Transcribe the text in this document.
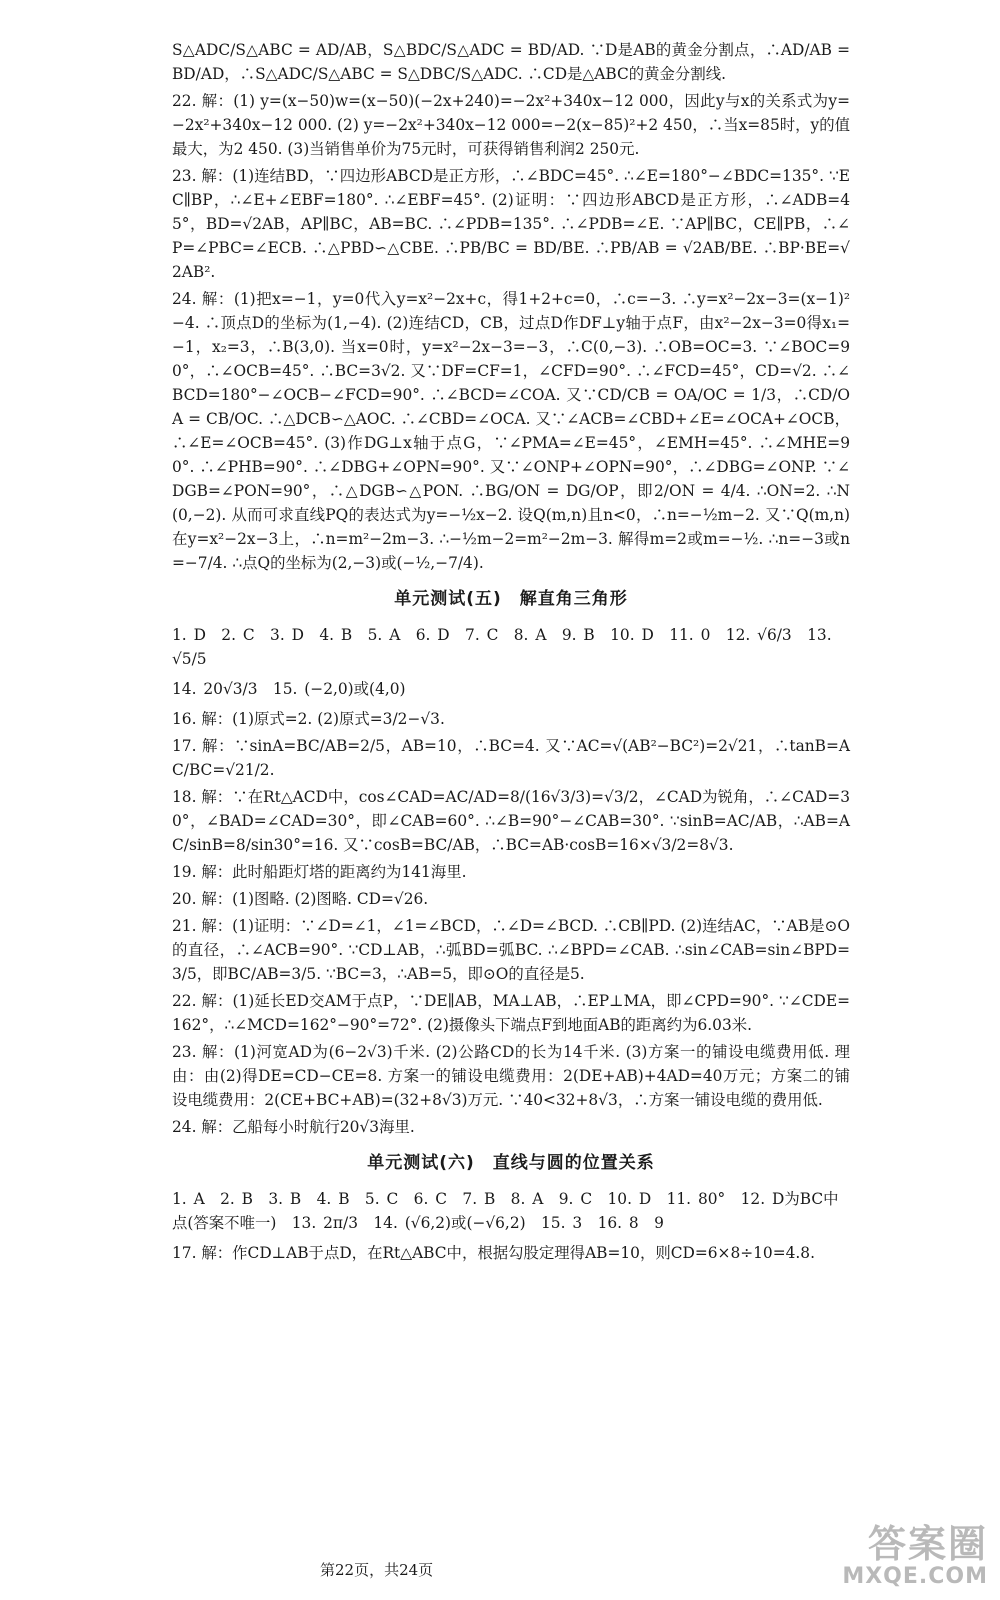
S△ADC/S△ABC = AD/AB，S△BDC/S△ADC = BD/AD. ∵D是AB的黄金分割点，∴AD/AB = BD/AD，∴S△ADC/S△ABC = S△DBC/S△ADC. ∴CD是△ABC的黄金分割线.

22. 解：(1) y=(x−50)w=(x−50)(−2x+240)=−2x²+340x−12 000，因此y与x的关系式为y=−2x²+340x−12 000. (2) y=−2x²+340x−12 000=−2(x−85)²+2 450，∴当x=85时，y的值最大，为2 450. (3)当销售单价为75元时，可获得销售利润2 250元.

23. 解：(1)连结BD，∵四边形ABCD是正方形，∴∠BDC=45°. ∴∠E=180°−∠BDC=135°. ∵EC∥BP，∴∠E+∠EBF=180°. ∴∠EBF=45°. (2)证明：∵四边形ABCD是正方形，∴∠ADB=45°，BD=√2AB，AP∥BC，AB=BC. ∴∠PDB=135°. ∴∠PDB=∠E. ∵AP∥BC，CE∥PB，∴∠P=∠PBC=∠ECB. ∴△PBD∽△CBE. ∴PB/BC = BD/BE. ∴PB/AB = √2AB/BE. ∴BP·BE=√2AB².

24. 解：(1)把x=−1，y=0代入y=x²−2x+c，得1+2+c=0，∴c=−3. ∴y=x²−2x−3=(x−1)²−4. ∴顶点D的坐标为(1,−4). (2)连结CD，CB，过点D作DF⊥y轴于点F，由x²−2x−3=0得x₁=−1，x₂=3，∴B(3,0). 当x=0时，y=x²−2x−3=−3，∴C(0,−3). ∴OB=OC=3. ∵∠BOC=90°，∴∠OCB=45°. ∴BC=3√2. 又∵DF=CF=1，∠CFD=90°. ∴∠FCD=45°，CD=√2. ∴∠BCD=180°−∠OCB−∠FCD=90°. ∴∠BCD=∠COA. 又∵CD/CB = OA/OC = 1/3，∴CD/OA = CB/OC. ∴△DCB∽△AOC. ∴∠CBD=∠OCA. 又∵∠ACB=∠CBD+∠E=∠OCA+∠OCB，∴∠E=∠OCB=45°. (3)作DG⊥x轴于点G，∵∠PMA=∠E=45°，∠EMH=45°. ∴∠MHE=90°. ∴∠PHB=90°. ∴∠DBG+∠OPN=90°. 又∵∠ONP+∠OPN=90°，∴∠DBG=∠ONP. ∵∠DGB=∠PON=90°，∴△DGB∽△PON. ∴BG/ON = DG/OP，即2/ON = 4/4. ∴ON=2. ∴N(0,−2). 从而可求直线PQ的表达式为y=−½x−2. 设Q(m,n)且n<0，∴n=−½m−2. 又∵Q(m,n)在y=x²−2x−3上，∴n=m²−2m−3. ∴−½m−2=m²−2m−3. 解得m=2或m=−½. ∴n=−3或n=−7/4. ∴点Q的坐标为(2,−3)或(−½,−7/4).

单元测试(五)　解直角三角形

1. D　2. C　3. D　4. B　5. A　6. D　7. C　8. A　9. B　10. D　11. 0　12. √6/3　13. √5/5

14. 20√3/3　15. (−2,0)或(4,0)

16. 解：(1)原式=2. (2)原式=3/2−√3.

17. 解：∵sinA=BC/AB=2/5，AB=10，∴BC=4. 又∵AC=√(AB²−BC²)=2√21，∴tanB=AC/BC=√21/2.

18. 解：∵在Rt△ACD中，cos∠CAD=AC/AD=8/(16√3/3)=√3/2，∠CAD为锐角，∴∠CAD=30°，∠BAD=∠CAD=30°，即∠CAB=60°. ∴∠B=90°−∠CAB=30°. ∵sinB=AC/AB，∴AB=AC/sinB=8/sin30°=16. 又∵cosB=BC/AB，∴BC=AB·cosB=16×√3/2=8√3.

19. 解：此时船距灯塔的距离约为141海里.

20. 解：(1)图略. (2)图略. CD=√26.

21. 解：(1)证明：∵∠D=∠1，∠1=∠BCD，∴∠D=∠BCD. ∴CB∥PD. (2)连结AC，∵AB是⊙O的直径，∴∠ACB=90°. ∵CD⊥AB，∴弧BD=弧BC. ∴∠BPD=∠CAB. ∴sin∠CAB=sin∠BPD=3/5，即BC/AB=3/5. ∵BC=3，∴AB=5，即⊙O的直径是5.

22. 解：(1)延长ED交AM于点P，∵DE∥AB，MA⊥AB，∴EP⊥MA，即∠CPD=90°. ∵∠CDE=162°，∴∠MCD=162°−90°=72°. (2)摄像头下端点F到地面AB的距离约为6.03米.

23. 解：(1)河宽AD为(6−2√3)千米. (2)公路CD的长为14千米. (3)方案一的铺设电缆费用低. 理由：由(2)得DE=CD−CE=8. 方案一的铺设电缆费用：2(DE+AB)+4AD=40万元；方案二的铺设电缆费用：2(CE+BC+AB)=(32+8√3)万元. ∵40<32+8√3，∴方案一铺设电缆的费用低.

24. 解：乙船每小时航行20√3海里.

单元测试(六)　直线与圆的位置关系

1. A　2. B　3. B　4. B　5. C　6. C　7. B　8. A　9. C　10. D　11. 80°　12. D为BC中点(答案不唯一)　13. 2π/3　14. (√6,2)或(−√6,2)　15. 3　16. 8　9

17. 解：作CD⊥AB于点D，在Rt△ABC中，根据勾股定理得AB=10，则CD=6×8÷10=4.8.

第22页，共24页
答案圈
MXQE.COM
